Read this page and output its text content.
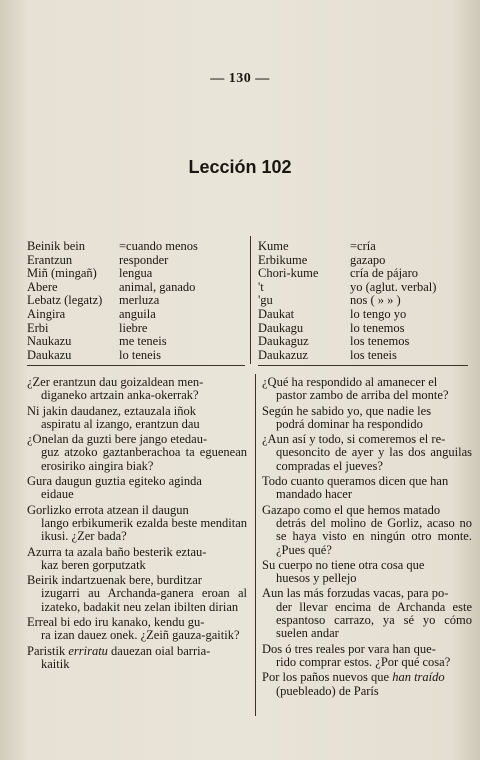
— 130 —
Lección 102
Beinik bein	=cuando menos
Erantzun	responder
Miñ (mingañ)	lengua
Abere	animal, ganado
Lebatz (legatz)	merluza
Aingira	anguila
Erbi	liebre
Naukazu	me teneis
Daukazu	lo teneis
Kume	=cría
Erbikume	gazapo
Chori-kume	cría de pájaro
't	yo (aglut. verbal)
'gu	nos ( » » )
Daukat	lo tengo yo
Daukagu	lo tenemos
Daukaguz	los tenemos
Daukazuz	los teneis
¿Zer erantzun dau goizaldean men-
diganeko artzain anka-okerrak?
Ni jakin daudanez, eztauzala iñok
aspiratu al izango, erantzun dau
¿Onelan da guzti bere jango etedau-
guz atzoko gaztanberachoa ta eguenean erosiriko aingira biak?
Gura daugun guztia egiteko aginda
eidaue
Gorlizko errota atzean il daugun
lango erbikumerik ezalda beste menditan ikusi. ¿Zer bada?
Azurra ta azala baño besterik eztau-
kaz beren gorputzatk
Beirik indartzuenak bere, burditzar
izugarri au Archanda-ganera eroan al izateko, badakit neu zelan ibilten dirian
Erreal bi edo iru kanako, kendu gu-
ra izan dauez onek. ¿Zeiñ gauza-gaitik?
Paristik erriratu dauezan oial barria-
kaitik
¿Qué ha respondido al amanecer el
pastor zambo de arriba del monte?
Según he sabido yo, que nadie les
podrá dominar ha respondido
¿Aun así y todo, si comeremos el re-
quesoncito de ayer y las dos anguilas compradas el jueves?
Todo cuanto queramos dicen que han
mandado hacer
Gazapo como el que hemos matado
detrás del molino de Gorliz, acaso no se haya visto en ningún otro monte. ¿Pues qué?
Su cuerpo no tiene otra cosa que
huesos y pellejo
Aun las más forzudas vacas, para po-
der llevar encima de Archanda este espantoso carrazo, ya sé yo cómo suelen andar
Dos ó tres reales por vara han que-
rido comprar estos. ¿Por qué cosa?
Por los paños nuevos que han traído
(puebleado) de París
